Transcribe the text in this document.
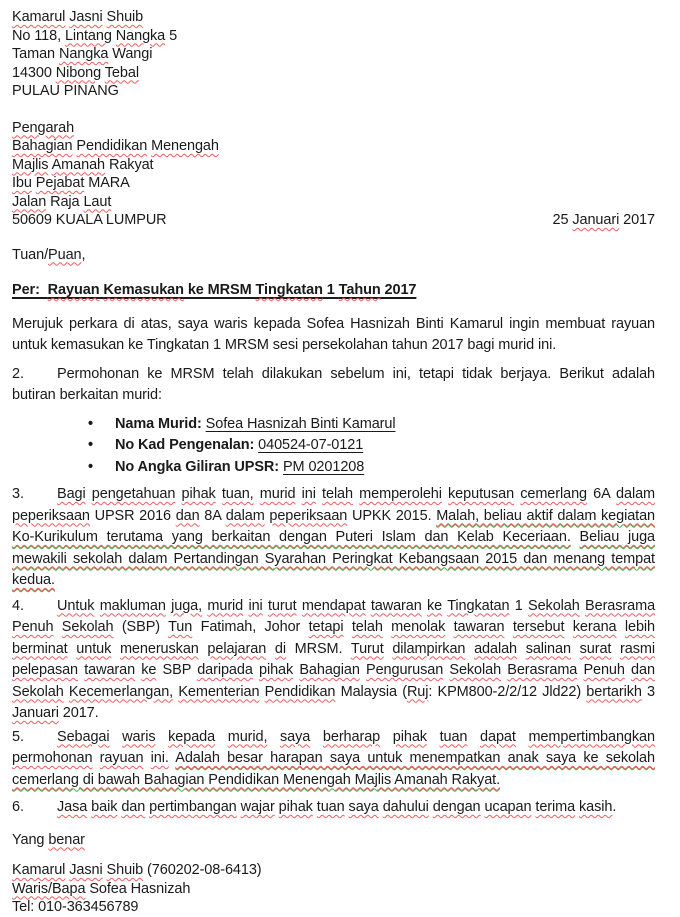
Kamarul Jasni Shuib
No 118, Lintang Nangka 5
Taman Nangka Wangi
14300 Nibong Tebal
PULAU PINANG
Pengarah
Bahagian Pendidikan Menengah
Majlis Amanah Rakyat
Ibu Pejabat MARA
Jalan Raja Laut
50609 KUALA LUMPUR	25 Januari 2017
Tuan/Puan,
Per:  Rayuan Kemasukan ke MRSM Tingkatan 1 Tahun 2017
Merujuk perkara di atas, saya waris kepada Sofea Hasnizah Binti Kamarul ingin membuat rayuan untuk kemasukan ke Tingkatan 1 MRSM sesi persekolahan tahun 2017 bagi murid ini.
2. Permohonan ke MRSM telah dilakukan sebelum ini, tetapi tidak berjaya. Berikut adalah butiran berkaitan murid:
• Nama Murid: Sofea Hasnizah Binti Kamarul
• No Kad Pengenalan: 040524-07-0121
• No Angka Giliran UPSR: PM 0201208
3. Bagi pengetahuan pihak tuan, murid ini telah memperolehi keputusan cemerlang 6A dalam peperiksaan UPSR 2016 dan 8A dalam peperiksaan UPKK 2015. Malah, beliau aktif dalam kegiatan Ko-Kurikulum terutama yang berkaitan dengan Puteri Islam dan Kelab Keceriaan. Beliau juga mewakili sekolah dalam Pertandingan Syarahan Peringkat Kebangsaan 2015 dan menang tempat kedua.
4. Untuk makluman juga, murid ini turut mendapat tawaran ke Tingkatan 1 Sekolah Berasrama Penuh Sekolah (SBP) Tun Fatimah, Johor tetapi telah menolak tawaran tersebut kerana lebih berminat untuk meneruskan pelajaran di MRSM. Turut dilampirkan adalah salinan surat rasmi pelepasan tawaran ke SBP daripada pihak Bahagian Pengurusan Sekolah Berasrama Penuh dan Sekolah Kecemerlangan, Kementerian Pendidikan Malaysia (Ruj: KPM800-2/2/12 Jld22) bertarikh 3 Januari 2017.
5. Sebagai waris kepada murid, saya berharap pihak tuan dapat mempertimbangkan permohonan rayuan ini. Adalah besar harapan saya untuk menempatkan anak saya ke sekolah cemerlang di bawah Bahagian Pendidikan Menengah Majlis Amanah Rakyat.
6. Jasa baik dan pertimbangan wajar pihak tuan saya dahului dengan ucapan terima kasih.
Yang benar
Kamarul Jasni Shuib (760202-08-6413)
Waris/Bapa Sofea Hasnizah
Tel: 010-363456789
